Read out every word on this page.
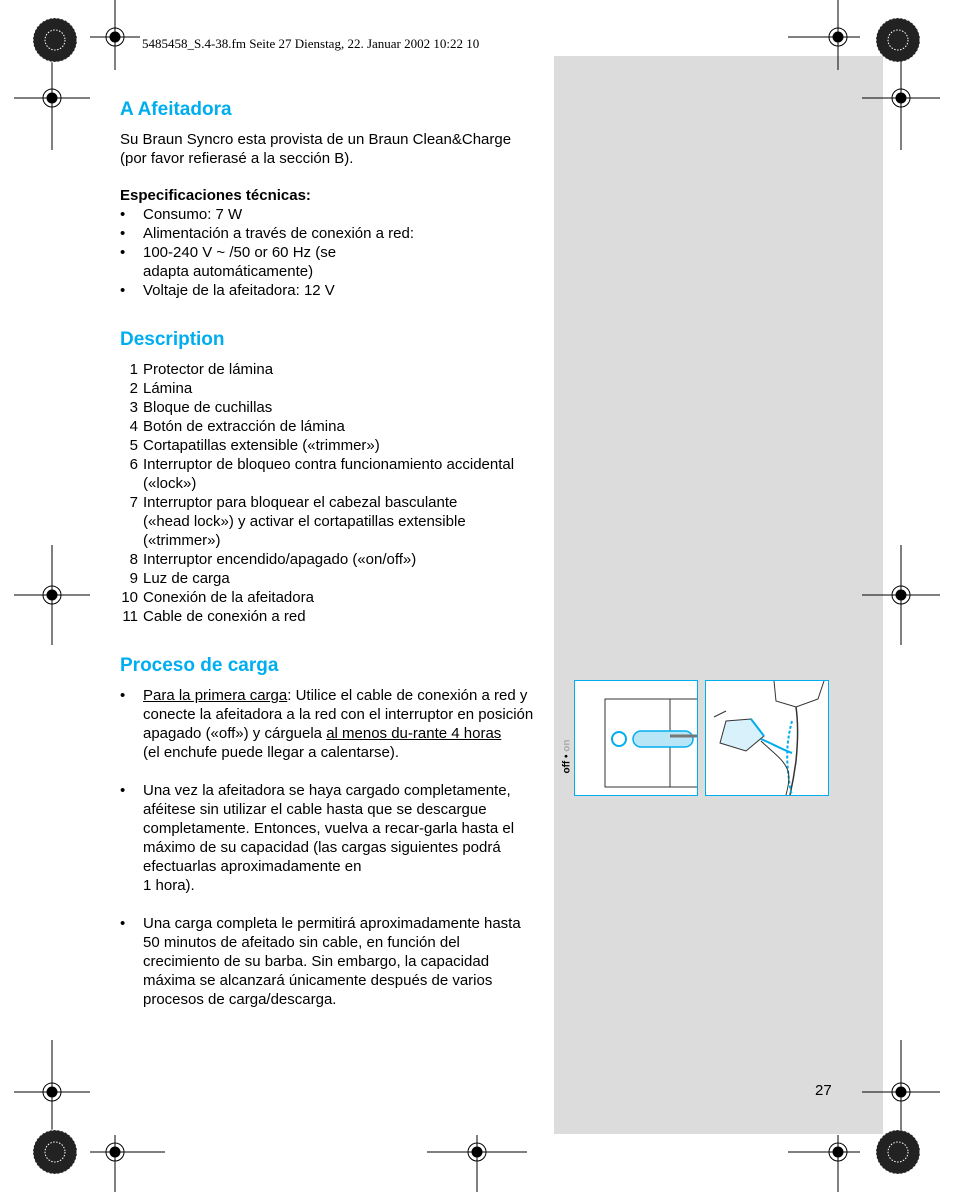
5485458_S.4-38.fm Seite 27 Dienstag, 22. Januar 2002 10:22 10
A Afeitadora

Su Braun Syncro esta provista de un Braun Clean&Charge (por favor refierasé a la sección B).

Especificaciones técnicas:

• Consumo: 7 W
• Alimentación a través de conexión a red:
• 100-240 V ~ /50 or 60 Hz (se adapta automáticamente)
• Voltaje de la afeitadora: 12 V
Description
1 Protector de lámina
2 Lámina
3 Bloque de cuchillas
4 Botón de extracción de lámina
5 Cortapatillas extensible («trimmer»)
6 Interruptor de bloqueo contra funcionamiento accidental («lock»)
7 Interruptor para bloquear el cabezal basculante («head lock») y activar el cortapatillas extensible («trimmer»)
8 Interruptor encendido/apagado («on/off»)
9 Luz de carga
10 Conexión de la afeitadora
11 Cable de conexión a red
Proceso de carga
• Para la primera carga: Utilice el cable de conexión a red y conecte la afeitadora a la red con el interruptor en posición apagado («off») y cárguela al menos du-rante 4 horas
(el enchufe puede llegar a calentarse).
• Una vez la afeitadora se haya cargado completamente, aféitese sin utilizar el cable hasta que se descargue completamente. Entonces, vuelva a recar-garla hasta el máximo de su capacidad (las cargas siguientes podrá efectuarlas aproximadamente en
1 hora).
• Una carga completa le permitirá aproximadamente hasta 50 minutos de afeitado sin cable, en función del crecimiento de su barba. Sin embargo, la capacidad máxima se alcanzará únicamente después de varios procesos de carga/descarga.
off • on
27
